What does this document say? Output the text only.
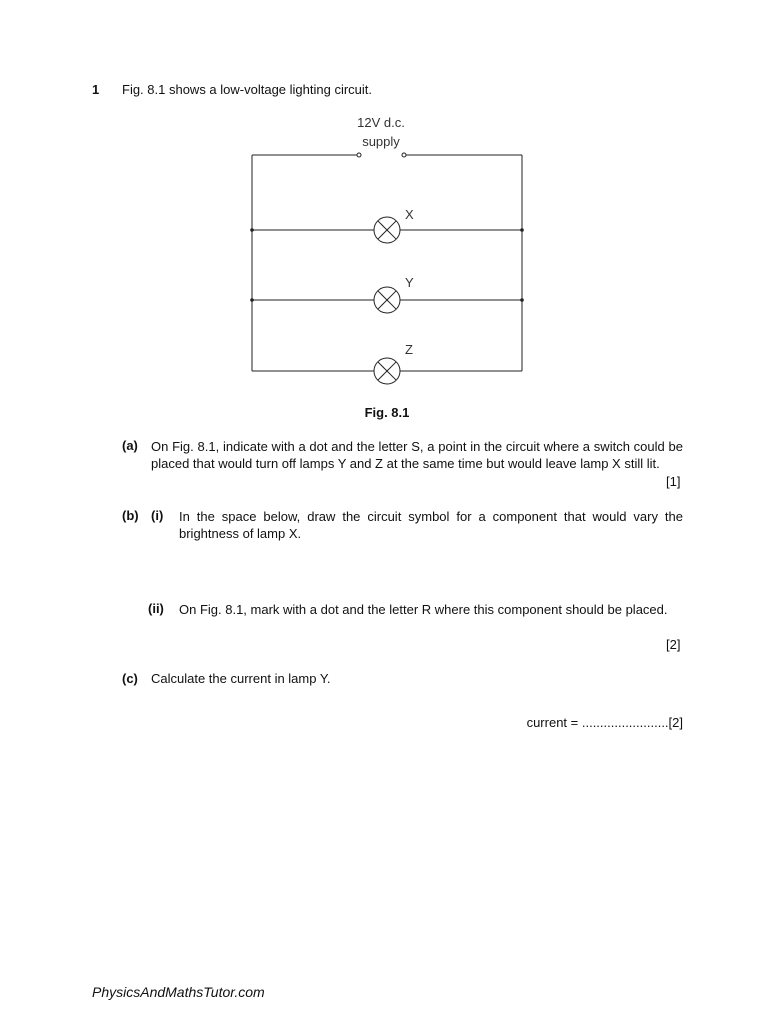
1 Fig. 8.1 shows a low-voltage lighting circuit.
12V d.c.
supply
X
Y
Z
Fig. 8.1
(a) On Fig. 8.1, indicate with a dot and the letter S, a point in the circuit where a switch could be placed that would turn off lamps Y and Z at the same time but would leave lamp X still lit.
[1]
(b) (i) In the space below, draw the circuit symbol for a component that would vary the brightness of lamp X.
(ii) On Fig. 8.1, mark with a dot and the letter R where this component should be placed.
[2]
(c) Calculate the current in lamp Y.
current = ........................[2]
PhysicsAndMathsTutor.com
